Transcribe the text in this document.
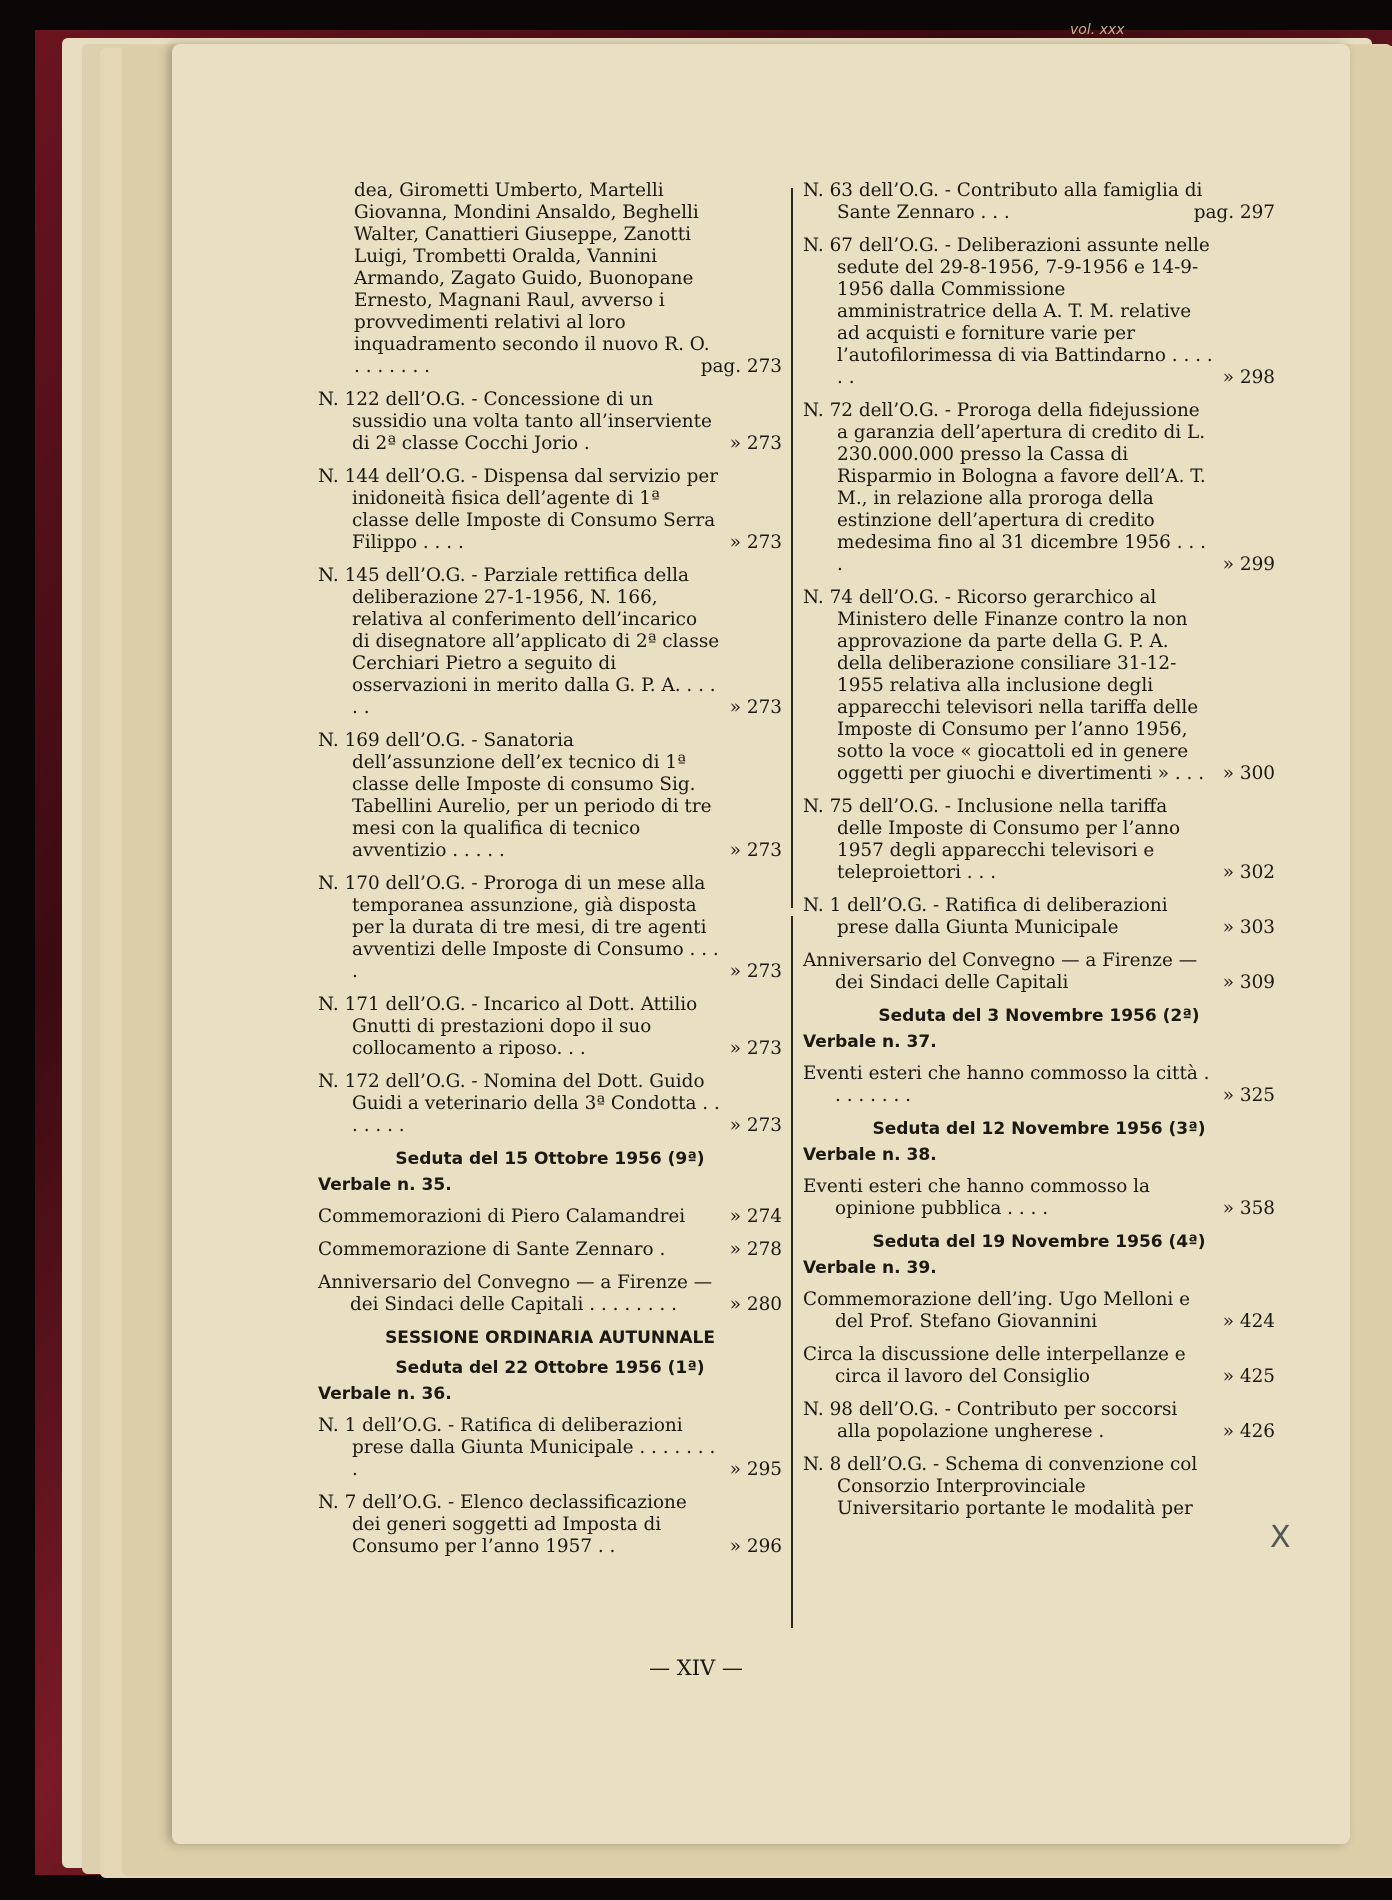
vol. xxx
dea, Girometti Umberto, Martelli Giovanna, Mondini Ansaldo, Beghelli Walter, Canattieri Giuseppe, Zanotti Luigi, Trombetti Oralda, Vannini Armando, Zagato Guido, Buonopane Ernesto, Magnani Raul, avverso i provvedimenti relativi al loro inquadramento secondo il nuovo R. O. . . . . . . .	pag. 273
N. 122 dell’O.G. - Concessione di un sussidio una volta tanto all’inserviente di 2ª classe Cocchi Jorio .	» 273
N. 144 dell’O.G. - Dispensa dal servizio per inidoneità fisica dell’agente di 1ª classe delle Imposte di Consumo Serra Filippo . . . .	» 273
N. 145 dell’O.G. - Parziale rettifica della deliberazione 27-1-1956, N. 166, relativa al conferimento dell’incarico di disegnatore all’applicato di 2ª classe Cerchiari Pietro a seguito di osservazioni in merito dalla G. P. A. . . . . .	» 273
N. 169 dell’O.G. - Sanatoria dell’assunzione dell’ex tecnico di 1ª classe delle Imposte di consumo Sig. Tabellini Aurelio, per un periodo di tre mesi con la qualifica di tecnico avventizio . . . . .	» 273
N. 170 dell’O.G. - Proroga di un mese alla temporanea assunzione, già disposta per la durata di tre mesi, di tre agenti avventizi delle Imposte di Consumo . . . .	» 273
N. 171 dell’O.G. - Incarico al Dott. Attilio Gnutti di prestazioni dopo il suo collocamento a riposo. . .	» 273
N. 172 dell’O.G. - Nomina del Dott. Guido Guidi a veterinario della 3ª Condotta . . . . . . .	» 273
Seduta del 15 Ottobre 1956 (9ª)
Verbale n. 35.
Commemorazioni di Piero Calamandrei	» 274
Commemorazione di Sante Zennaro .	» 278
Anniversario del Convegno — a Firenze — dei Sindaci delle Capitali . . . . . . . .	» 280
SESSIONE ORDINARIA AUTUNNALE
Seduta del 22 Ottobre 1956 (1ª)
Verbale n. 36.
N. 1 dell’O.G. - Ratifica di deliberazioni prese dalla Giunta Municipale . . . . . . . .	» 295
N. 7 dell’O.G. - Elenco declassificazione dei generi soggetti ad Imposta di Consumo per l’anno 1957 . .	» 296
N. 63 dell’O.G. - Contributo alla famiglia di Sante Zennaro . . .	pag. 297
N. 67 dell’O.G. - Deliberazioni assunte nelle sedute del 29-8-1956, 7-9-1956 e 14-9-1956 dalla Commissione amministratrice della A. T. M. relative ad acquisti e forniture varie per l’autofilorimessa di via Battindarno . . . . . .	» 298
N. 72 dell’O.G. - Proroga della fidejussione a garanzia dell’apertura di credito di L. 230.000.000 presso la Cassa di Risparmio in Bologna a favore dell’A. T. M., in relazione alla proroga della estinzione dell’apertura di credito medesima fino al 31 dicembre 1956 . . . .	» 299
N. 74 dell’O.G. - Ricorso gerarchico al Ministero delle Finanze contro la non approvazione da parte della G. P. A. della deliberazione consiliare 31-12-1955 relativa alla inclusione degli apparecchi televisori nella tariffa delle Imposte di Consumo per l’anno 1956, sotto la voce « giocattoli ed in genere oggetti per giuochi e divertimenti » . . .	» 300
N. 75 dell’O.G. - Inclusione nella tariffa delle Imposte di Consumo per l’anno 1957 degli apparecchi televisori e teleproiettori . . .	» 302
N. 1 dell’O.G. - Ratifica di deliberazioni prese dalla Giunta Municipale	» 303
Anniversario del Convegno — a Firenze — dei Sindaci delle Capitali	» 309
Seduta del 3 Novembre 1956 (2ª)
Verbale n. 37.
Eventi esteri che hanno commosso la città . . . . . . . .	» 325
Seduta del 12 Novembre 1956 (3ª)
Verbale n. 38.
Eventi esteri che hanno commosso la opinione pubblica . . . .	» 358
Seduta del 19 Novembre 1956 (4ª)
Verbale n. 39.
Commemorazione dell’ing. Ugo Melloni e del Prof. Stefano Giovannini	» 424
Circa la discussione delle interpellanze e circa il lavoro del Consiglio	» 425
N. 98 dell’O.G. - Contributo per soccorsi alla popolazione ungherese .	» 426
N. 8 dell’O.G. - Schema di convenzione col Consorzio Interprovinciale Universitario portante le modalità per
— XIV —
X
